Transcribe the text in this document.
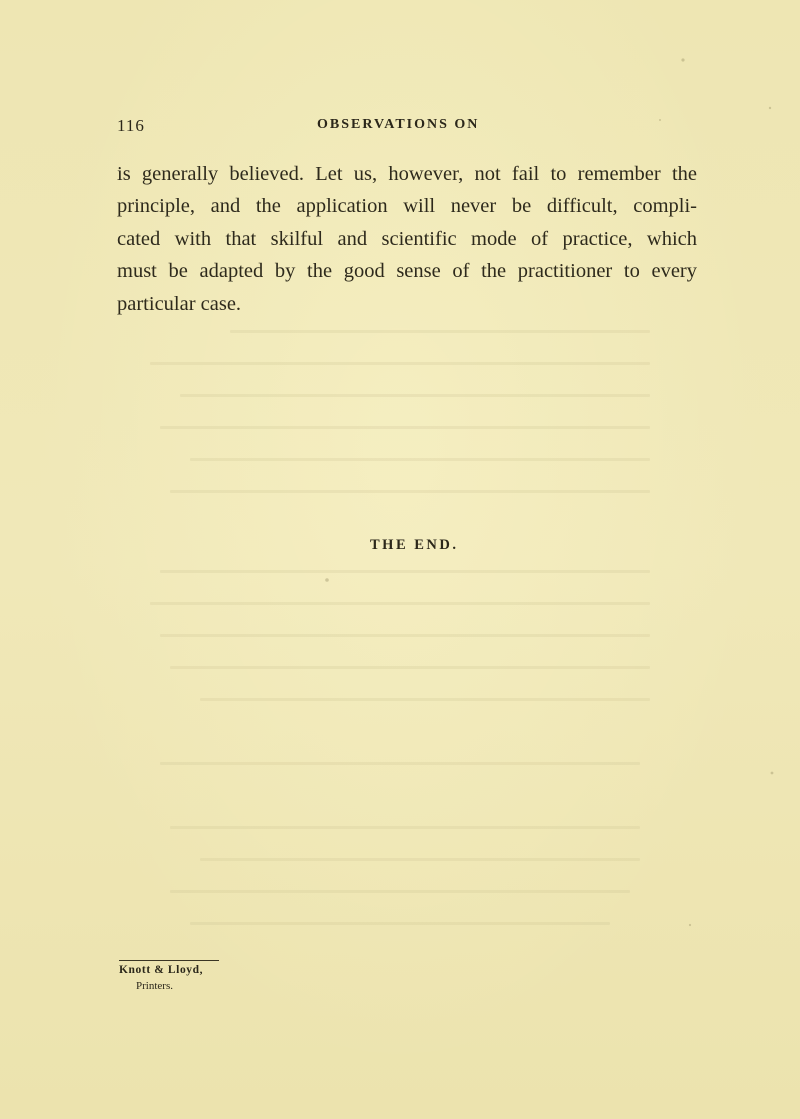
116	OBSERVATIONS ON
is generally believed. Let us, however, not fail to remember the
principle, and the application will never be difficult, compli-
cated with that skilful and scientific mode of practice, which
must be adapted by the good sense of the practitioner to every
particular case.
THE END.
Knott & Lloyd,
Printers.
